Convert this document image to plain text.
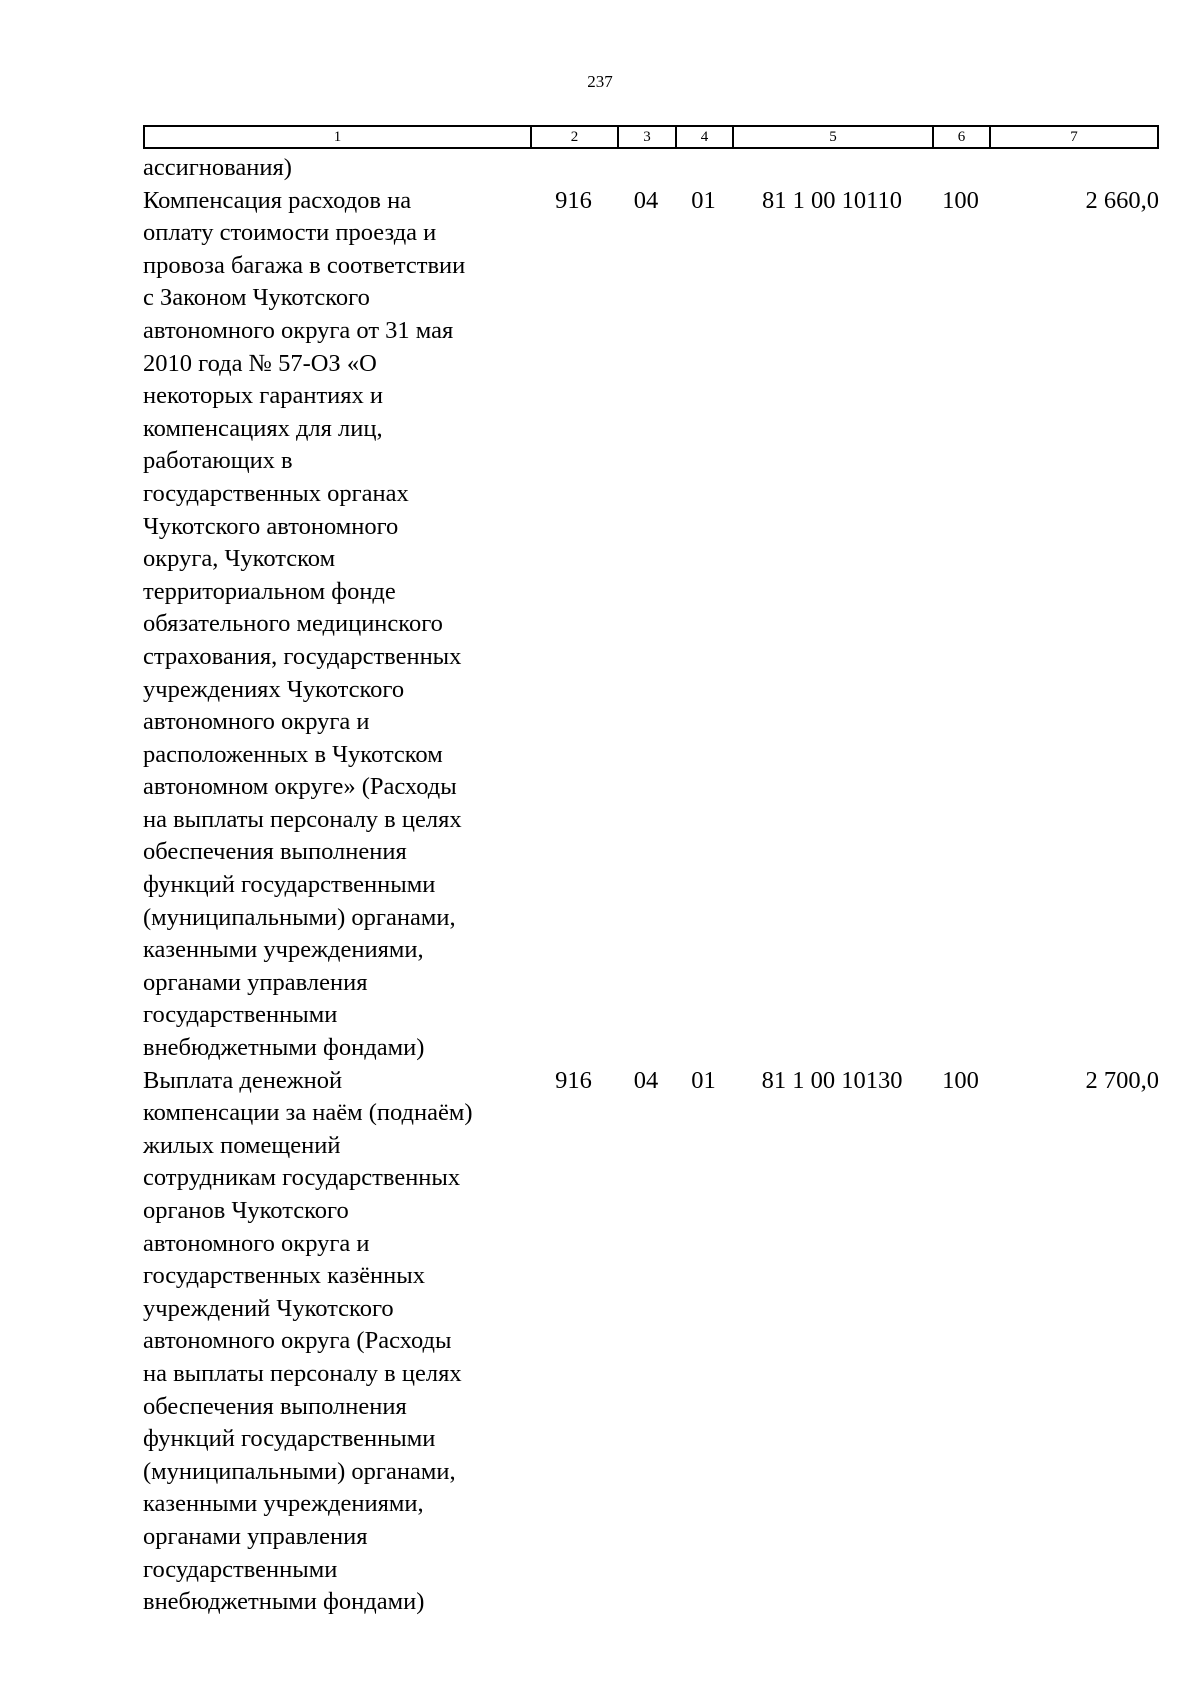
237
1	2	3	4	5	6	7
ассигнования)
Компенсация расходов на
оплату стоимости проезда и
провоза багажа в соответствии
с Законом Чукотского
автономного округа от 31 мая
2010 года № 57-ОЗ «О
некоторых гарантиях и
компенсациях для лиц,
работающих в
государственных органах
Чукотского автономного
округа, Чукотском
территориальном фонде
обязательного медицинского
страхования, государственных
учреждениях Чукотского
автономного округа и
расположенных в Чукотском
автономном округе» (Расходы
на выплаты персоналу в целях
обеспечения выполнения
функций государственными
(муниципальными) органами,
казенными учреждениями,
органами управления
государственными
внебюджетными фондами)
916	04	01	81 1 00 10110	100	2 660,0
Выплата денежной
компенсации за наём (поднаём)
жилых помещений
сотрудникам государственных
органов Чукотского
автономного округа и
государственных казённых
учреждений Чукотского
автономного округа (Расходы
на выплаты персоналу в целях
обеспечения выполнения
функций государственными
(муниципальными) органами,
казенными учреждениями,
органами управления
государственными
внебюджетными фондами)
916	04	01	81 1 00 10130	100	2 700,0
